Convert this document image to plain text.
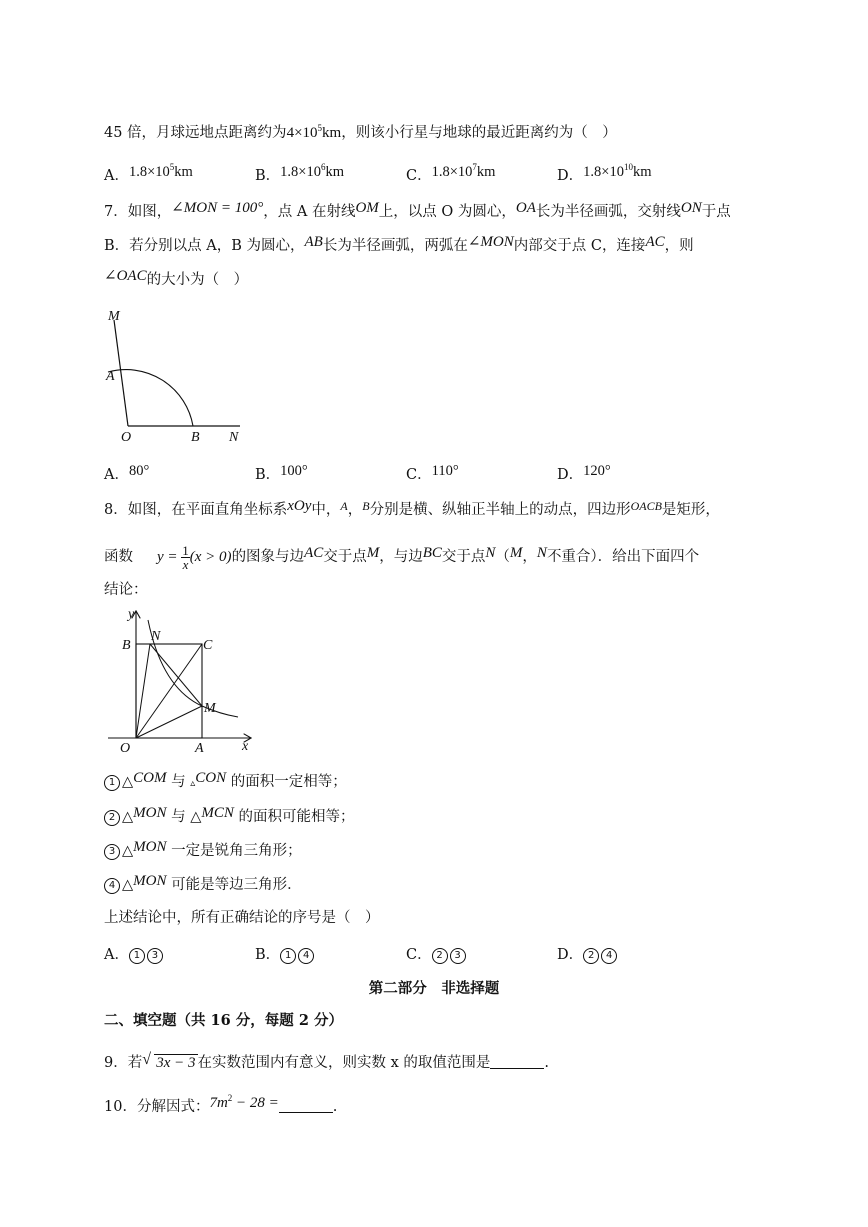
45 倍，月球远地点距离约为$4\times 10^5km$，则该小行星与地球的最近距离约为（　）
A．$1.8\times 10^5km$	B．$1.8\times 10^6km$	C．$1.8\times 10^7km$	D．$1.8\times 10^{10}km$
7．如图，∠MON = 100°，点 A 在射线OM上，以点 O 为圆心，OA长为半径画弧，交射线ON于点
B．若分别以点 A，B 为圆心，AB长为半径画弧，两弧在∠MON内部交于点 C，连接AC，则
∠OAC的大小为（　）
M
A
O	B N
A．80°	B．100°	C．110°	D．120°
8．如图，在平面直角坐标系xOy中，$^A$，$^B$分别是横、纵轴正半轴上的动点，四边形$^{OACB}$是矩形，
函数 $y = \frac{1}{x} (x > 0)$的图象与边AC交于点M，与边BC交于点N（M，N不重合）．给出下面四个
结论：
y
B
N
C
M
O	A	x
1 △COM 与 ▵CON 的面积一定相等；
2 △MON 与 △MCN 的面积可能相等；
3 △MON 一定是锐角三角形；
4 △MON 可能是等边三角形．
上述结论中，所有正确结论的序号是（　）
A． 1 3	B． 1 4	C． 2 3	D． 2 4
第二部分　非选择题
二、填空题（共 16 分，每题 2 分）
9．若 √ 3x − 3 在实数范围内有意义，则实数 x 的取值范围是	.
10．分解因式：$7m^2 - 28$ =	.
